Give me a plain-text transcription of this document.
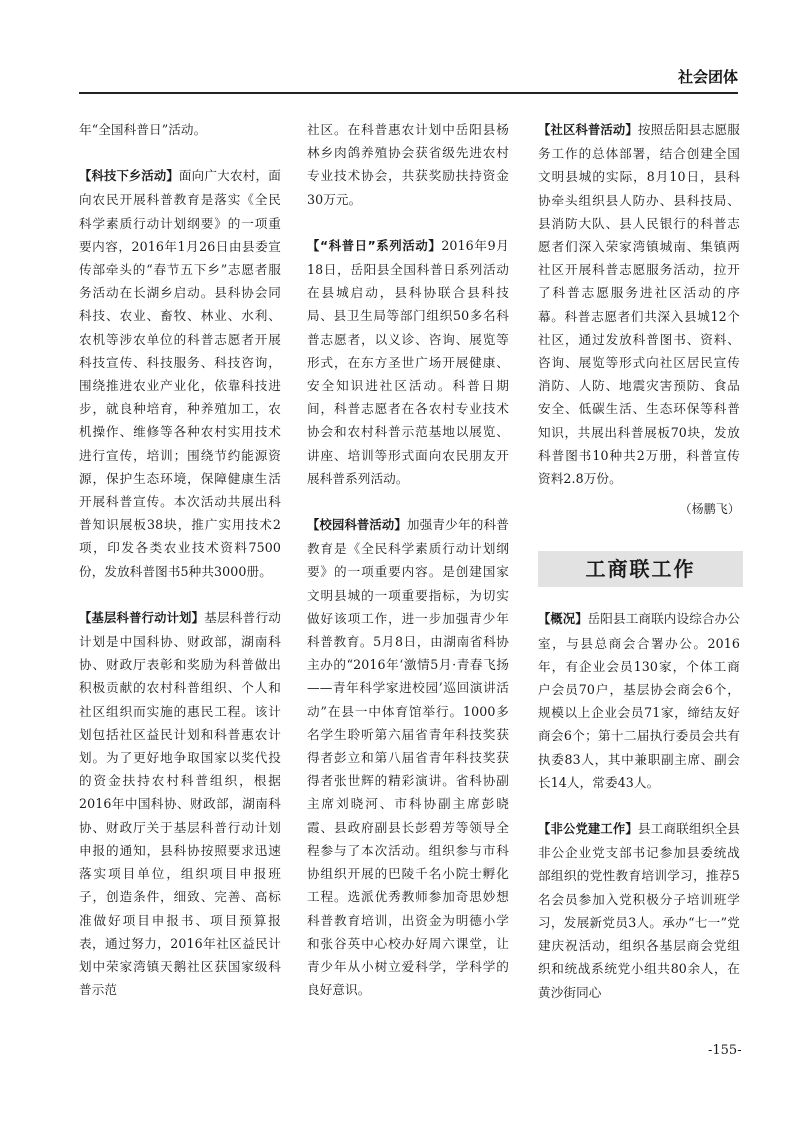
社会团体

年“全国科普日”活动。

【科技下乡活动】面向广大农村，面向农民开展科普教育是落实《全民科学素质行动计划纲要》的一项重要内容，2016年1月26日由县委宣传部牵头的“春节五下乡”志愿者服务活动在长湖乡启动。县科协会同科技、农业、畜牧、林业、水利、农机等涉农单位的科普志愿者开展科技宣传、科技服务、科技咨询，围绕推进农业产业化，依靠科技进步，就良种培育，种养殖加工，农机操作、维修等各种农村实用技术进行宣传，培训；围绕节约能源资源，保护生态环境，保障健康生活开展科普宣传。本次活动共展出科普知识展板38块，推广实用技术2项，印发各类农业技术资料7500份，发放科普图书5种共3000册。

【基层科普行动计划】基层科普行动计划是中国科协、财政部，湖南科协、财政厅表彰和奖励为科普做出积极贡献的农村科普组织、个人和社区组织而实施的惠民工程。该计划包括社区益民计划和科普惠农计划。为了更好地争取国家以奖代投的资金扶持农村科普组织，根据2016年中国科协、财政部，湖南科协、财政厅关于基层科普行动计划申报的通知，县科协按照要求迅速落实项目单位，组织项目申报班子，创造条件，细致、完善、高标准做好项目申报书、项目预算报表，通过努力，2016年社区益民计划中荣家湾镇天鹅社区获国家级科普示范

社区。在科普惠农计划中岳阳县杨林乡肉鸽养殖协会获省级先进农村专业技术协会，共获奖励扶持资金30万元。

【“科普日”系列活动】2016年9月18日，岳阳县全国科普日系列活动在县城启动，县科协联合县科技局、县卫生局等部门组织50多名科普志愿者，以义诊、咨询、展览等形式，在东方圣世广场开展健康、安全知识进社区活动。科普日期间，科普志愿者在各农村专业技术协会和农村科普示范基地以展览、讲座、培训等形式面向农民朋友开展科普系列活动。

【校园科普活动】加强青少年的科普教育是《全民科学素质行动计划纲要》的一项重要内容。是创建国家文明县城的一项重要指标，为切实做好该项工作，进一步加强青少年科普教育。5月8日，由湖南省科协主办的“2016年‘激情5月·青春飞扬——青年科学家进校园’巡回演讲活动”在县一中体育馆举行。1000多名学生聆听第六届省青年科技奖获得者彭立和第八届省青年科技奖获得者张世辉的精彩演讲。省科协副主席刘晓河、市科协副主席彭晓霞、县政府副县长彭碧芳等领导全程参与了本次活动。组织参与市科协组织开展的巴陵千名小院士孵化工程。选派优秀教师参加奇思妙想科普教育培训，出资金为明德小学和张谷英中心校办好周六课堂，让青少年从小树立爱科学，学科学的良好意识。

【社区科普活动】按照岳阳县志愿服务工作的总体部署，结合创建全国文明县城的实际，8月10日，县科协牵头组织县人防办、县科技局、县消防大队、县人民银行的科普志愿者们深入荣家湾镇城南、集镇两社区开展科普志愿服务活动，拉开了科普志愿服务进社区活动的序幕。科普志愿者们共深入县城12个社区，通过发放科普图书、资料、咨询、展览等形式向社区居民宣传消防、人防、地震灾害预防、食品安全、低碳生活、生态环保等科普知识，共展出科普展板70块，发放科普图书10种共2万册，科普宣传资料2.8万份。

（杨鹏飞）

工商联工作

【概况】岳阳县工商联内设综合办公室，与县总商会合署办公。2016年，有企业会员130家，个体工商户会员70户，基层协会商会6个，规模以上企业会员71家，缔结友好商会6个；第十二届执行委员会共有执委83人，其中兼职副主席、副会长14人，常委43人。

【非公党建工作】县工商联组织全县非公企业党支部书记参加县委统战部组织的党性教育培训学习，推荐5名会员参加入党积极分子培训班学习，发展新党员3人。承办“七一”党建庆祝活动，组织各基层商会党组织和统战系统党小组共80余人，在黄沙街同心

-155-
